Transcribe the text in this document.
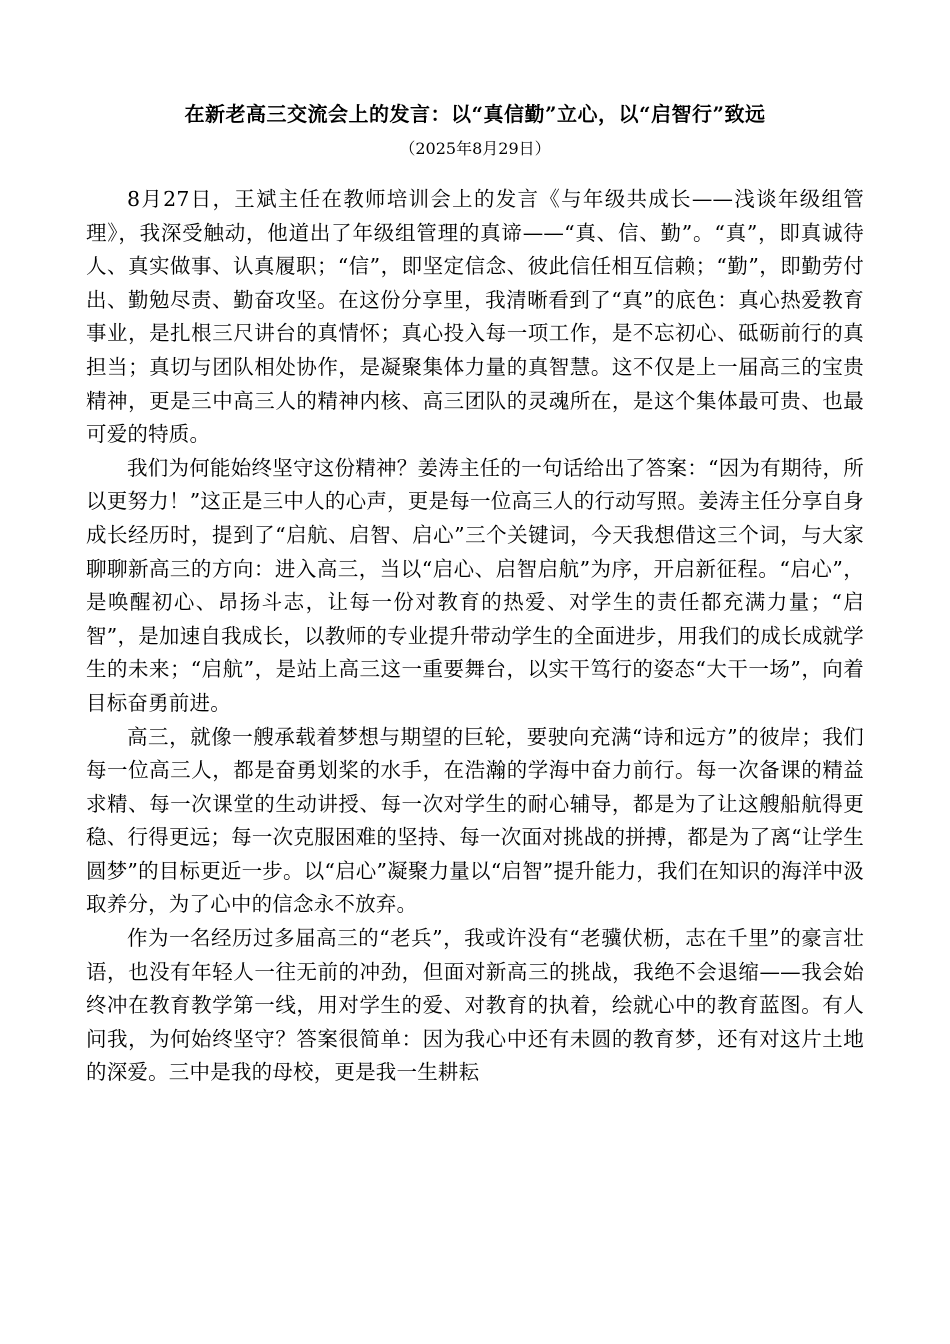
在新老高三交流会上的发言：以“真信勤”立心，以“启智行”致远
（2025年8月29日）

8月27日，王斌主任在教师培训会上的发言《与年级共成长——浅谈年级组管理》，我深受触动，他道出了年级组管理的真谛——“真、信、勤”。“真”，即真诚待人、真实做事、认真履职；“信”，即坚定信念、彼此信任相互信赖；“勤”，即勤劳付出、勤勉尽责、勤奋攻坚。在这份分享里，我清晰看到了“真”的底色：真心热爱教育事业，是扎根三尺讲台的真情怀；真心投入每一项工作，是不忘初心、砥砺前行的真担当；真切与团队相处协作，是凝聚集体力量的真智慧。这不仅是上一届高三的宝贵精神，更是三中高三人的精神内核、高三团队的灵魂所在，是这个集体最可贵、也最可爱的特质。

我们为何能始终坚守这份精神？姜涛主任的一句话给出了答案：“因为有期待，所以更努力！”这正是三中人的心声，更是每一位高三人的行动写照。姜涛主任分享自身成长经历时，提到了“启航、启智、启心”三个关键词，今天我想借这三个词，与大家聊聊新高三的方向：进入高三，当以“启心、启智启航”为序，开启新征程。“启心”，是唤醒初心、昂扬斗志，让每一份对教育的热爱、对学生的责任都充满力量；“启智”，是加速自我成长，以教师的专业提升带动学生的全面进步，用我们的成长成就学生的未来；“启航”，是站上高三这一重要舞台，以实干笃行的姿态“大干一场”，向着目标奋勇前进。

高三，就像一艘承载着梦想与期望的巨轮，要驶向充满“诗和远方”的彼岸；我们每一位高三人，都是奋勇划桨的水手，在浩瀚的学海中奋力前行。每一次备课的精益求精、每一次课堂的生动讲授、每一次对学生的耐心辅导，都是为了让这艘船航得更稳、行得更远；每一次克服困难的坚持、每一次面对挑战的拼搏，都是为了离“让学生圆梦”的目标更近一步。以“启心”凝聚力量以“启智”提升能力，我们在知识的海洋中汲取养分，为了心中的信念永不放弃。

作为一名经历过多届高三的“老兵”，我或许没有“老骥伏枥，志在千里”的豪言壮语，也没有年轻人一往无前的冲劲，但面对新高三的挑战，我绝不会退缩——我会始终冲在教育教学第一线，用对学生的爱、对教育的执着，绘就心中的教育蓝图。有人问我，为何始终坚守？答案很简单：因为我心中还有未圆的教育梦，还有对这片土地的深爱。三中是我的母校，更是我一生耕耘
